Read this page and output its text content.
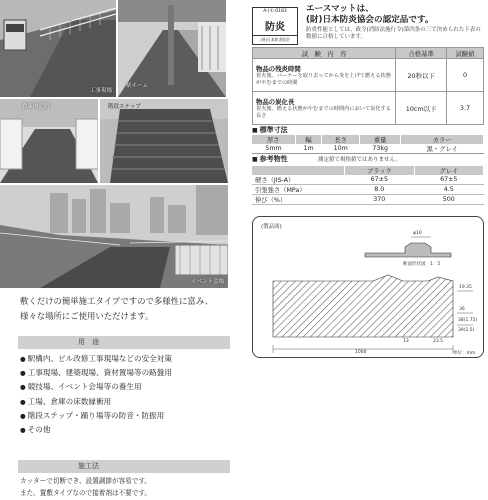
工事現場
駅ホーム
倉庫内通路	階段ステップ
イベント会場

敷くだけの簡単施工タイプですので多様性に富み、様々な場所にご使用いただけます。

用　途
● 駅構内、ビル改修工事現場などの安全対策
● 工事現場、建築現場、資材置場等の路盤用
● 競技場、イベント会場等の養生用
● 工場、倉庫の床数縁衝用
● 階段ステップ・踊り場等の防音・防振用
● その他
施工法
カッターで切断でき、設置調節が容易です。
また、置敷タイプなので接着剤は不要です。
A-(①-0183
防炎
(財)日本防炎協会
エースマットは、
(財)日本防炎協会の認定品です。
防炎性能としては、政令(消防法施行令)第四条の三で決められた下表の数値に合格しています。
試　験　内　容	合格基準	試験値

物品の残炎時間
着火後、バーナーを取り去ってから炎を上げて燃える状態がやむまでの時間	20秒以下	0

物品の炭化長
着火後、燃える状態がやむまでの時間内において炭化する長さ	10cm以下	3.7
■ 標準寸法
厚さ	幅	長さ	重量	カラー
5mm	1m	10m	73kg	黒・グレイ
■ 参考物性	測定値で規格値ではありません。
	ブラック	グレイ
硬さ（JIS-A）	67±5	67±5
引張強さ（MPa）	8.0	4.5
伸び（%）	370	500
(製品図)
φ10
断面形状図　1：5
19.35
36
38(1.75)
39(1.5)
13	23.5
1000	単位：mm
